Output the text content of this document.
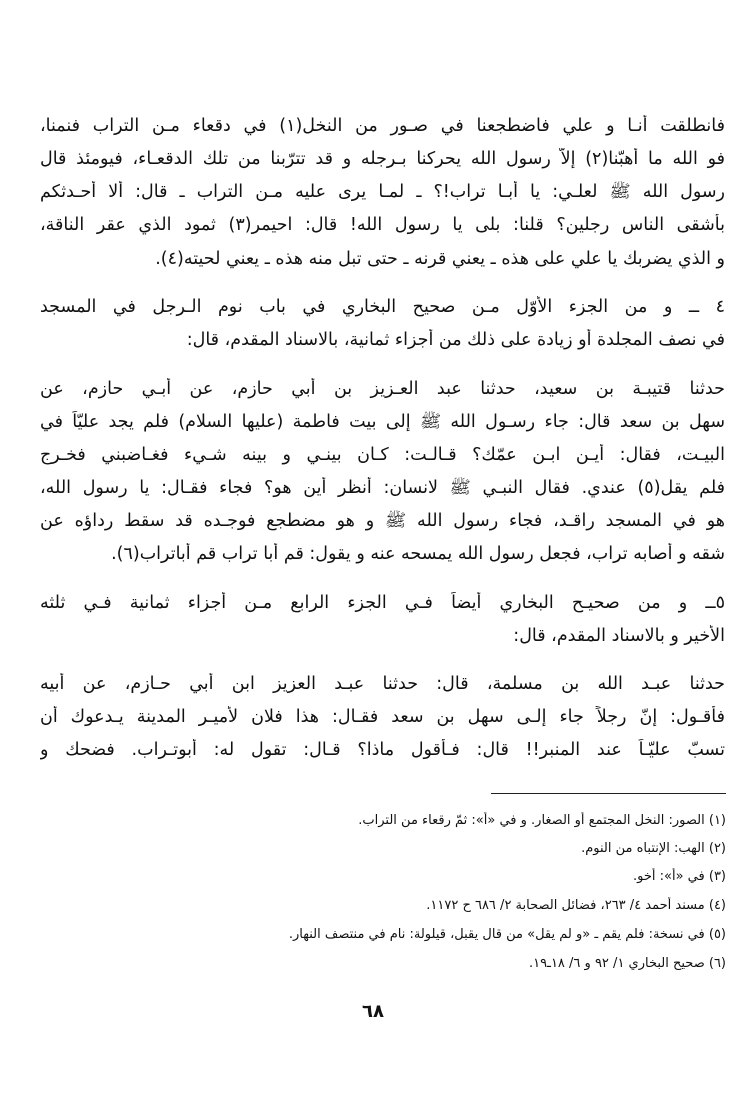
فانطلقت أنـا و علي فاضطجعنا في صـور من النخل(١) في دقعاء مـن التراب فنمنا،
فو الله ما أهبّنا(٢) إلاّ رسول الله يحركنا بـرجله و قد تترّبنا من تلك الدقعـاء، فيومئذ قال
رسول الله ﷺ لعلـي: يا أبـا تراب!؟ ـ لمـا يرى عليه مـن التراب ـ قال: ألا أحـدثكم
بأشقى الناس رجلين؟ قلنا: بلى يا رسول الله! قال: احيمر(٣) ثمود الذي عقر الناقة،
و الذي يضربك يا علي على هذه ـ يعني قرنه ـ حتى تبل منه هذه ـ يعني لحيته(٤).
٤ ــ و من الجزء الأوّل مـن صحيح البخاري في باب نوم الـرجل في المسجد
في نصف المجلدة أو زيادة على ذلك من أجزاء ثمانية، بالاسناد المقدم، قال:
حدثنا قتيبـة بن سعيد، حدثنا عبد العـزيز بن أبي حازم، عن أبـي حازم، عن
سهل بن سعد قال: جاء رسـول الله ﷺ إلى بيت فاطمة (عليها السلام) فلم يجد عليّاً في
البيـت، فقال: أيـن ابـن عمّك؟ قـالـت: كـان بينـي و بينه شـيء فغـاضبني فخـرج
فلم يقل(٥) عندي. فقال النبـي ﷺ لانسان: أنظر أين هو؟ فجاء فقـال: يا رسول الله،
هو في المسجد راقـد، فجاء رسول الله ﷺ و هو مضطجع فوجـده قد سقط رداؤه عن
شقه و أصابه تراب، فجعل رسول الله يمسحه عنه و يقول: قم أبا تراب قم أباتراب(٦).
٥ــ و من صحيـح البخاري أيضاً فـي الجزء الرابع مـن أجزاء ثمانية فـي ثلثه
الأخير و بالاسناد المقدم، قال:
حدثنا عبـد الله بن مسلمة، قال: حدثنا عبـد العزيز ابن أبي حـازم، عن أبيه
فأقـول: إنّ رجلاً جاء إلـى سهل بن سعد فقـال: هذا فلان لأميـر المدينة يـدعوك أن
تسبّ عليّـاً عند المنبر!! قال: فـأقول ماذا؟ قـال: تقول له: أبوتـراب. فضحك و
(١) الصور: النخل المجتمع أو الصغار. و في «أ»: ثمّ رقعاء من التراب.
(٢) الهب: الإنتباه من النوم.
(٣) في «أ»: أخو.
(٤) مسند أحمد ٤/ ٢٦٣، فضائل الصحابة ٢/ ٦٨٦ ح ١١٧٢.
(٥) في نسخة: فلم يقم ـ «و لم يقل» من قال يقبل، قيلولة: نام في منتصف النهار.
(٦) صحيح البخاري ١/ ٩٢ و ٦/ ١٨ـ١٩.
٦٨
